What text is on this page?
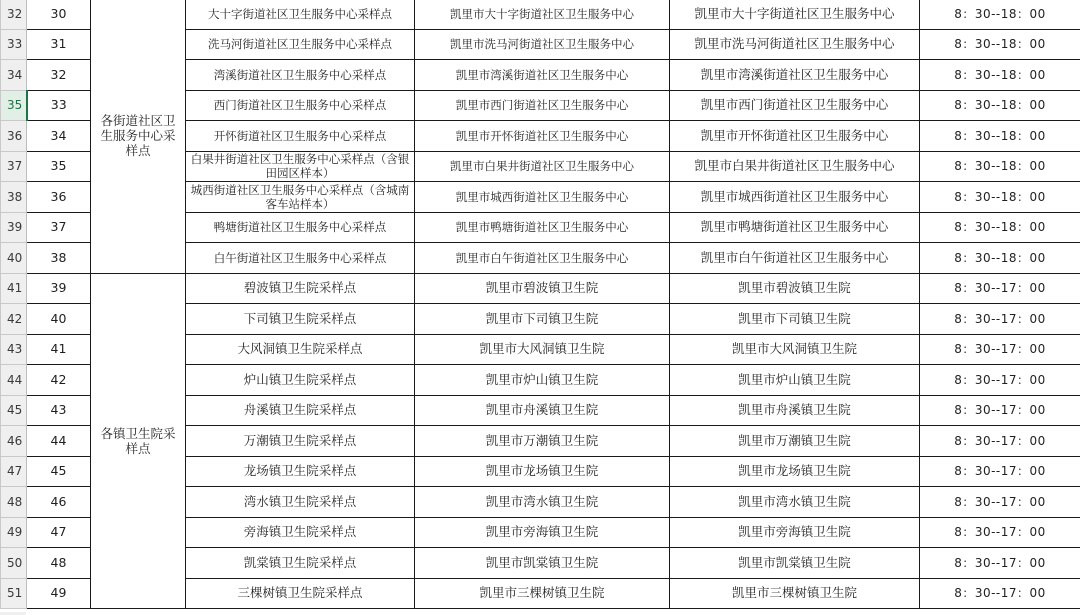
32	30	各街道社区卫生服务中心采样点	大十字街道社区卫生服务中心采样点	凯里市大十字街道社区卫生服务中心	凯里市大十字街道社区卫生服务中心	8：30--18：00
33	31		洗马河街道社区卫生服务中心采样点	凯里市洗马河街道社区卫生服务中心	凯里市洗马河街道社区卫生服务中心	8：30--18：00
34	32		湾溪街道社区卫生服务中心采样点	凯里市湾溪街道社区卫生服务中心	凯里市湾溪街道社区卫生服务中心	8：30--18：00
35	33		西门街道社区卫生服务中心采样点	凯里市西门街道社区卫生服务中心	凯里市西门街道社区卫生服务中心	8：30--18：00
36	34		开怀街道社区卫生服务中心采样点	凯里市开怀街道社区卫生服务中心	凯里市开怀街道社区卫生服务中心	8：30--18：00
37	35		白果井街道社区卫生服务中心采样点（含银田园区样本）	凯里市白果井街道社区卫生服务中心	凯里市白果井街道社区卫生服务中心	8：30--18：00
38	36		城西街道社区卫生服务中心采样点（含城南客车站样本）	凯里市城西街道社区卫生服务中心	凯里市城西街道社区卫生服务中心	8：30--18：00
39	37		鸭塘街道社区卫生服务中心采样点	凯里市鸭塘街道社区卫生服务中心	凯里市鸭塘街道社区卫生服务中心	8：30--18：00
40	38		白午街道社区卫生服务中心采样点	凯里市白午街道社区卫生服务中心	凯里市白午街道社区卫生服务中心	8：30--18：00
41	39	各镇卫生院采样点	碧波镇卫生院采样点	凯里市碧波镇卫生院	凯里市碧波镇卫生院	8：30--17：00
42	40		下司镇卫生院采样点	凯里市下司镇卫生院	凯里市下司镇卫生院	8：30--17：00
43	41		大风洞镇卫生院采样点	凯里市大风洞镇卫生院	凯里市大风洞镇卫生院	8：30--17：00
44	42		炉山镇卫生院采样点	凯里市炉山镇卫生院	凯里市炉山镇卫生院	8：30--17：00
45	43		舟溪镇卫生院采样点	凯里市舟溪镇卫生院	凯里市舟溪镇卫生院	8：30--17：00
46	44		万潮镇卫生院采样点	凯里市万潮镇卫生院	凯里市万潮镇卫生院	8：30--17：00
47	45		龙场镇卫生院采样点	凯里市龙场镇卫生院	凯里市龙场镇卫生院	8：30--17：00
48	46		湾水镇卫生院采样点	凯里市湾水镇卫生院	凯里市湾水镇卫生院	8：30--17：00
49	47		旁海镇卫生院采样点	凯里市旁海镇卫生院	凯里市旁海镇卫生院	8：30--17：00
50	48		凯棠镇卫生院采样点	凯里市凯棠镇卫生院	凯里市凯棠镇卫生院	8：30--17：00
51	49		三棵树镇卫生院采样点	凯里市三棵树镇卫生院	凯里市三棵树镇卫生院	8：30--17：00
